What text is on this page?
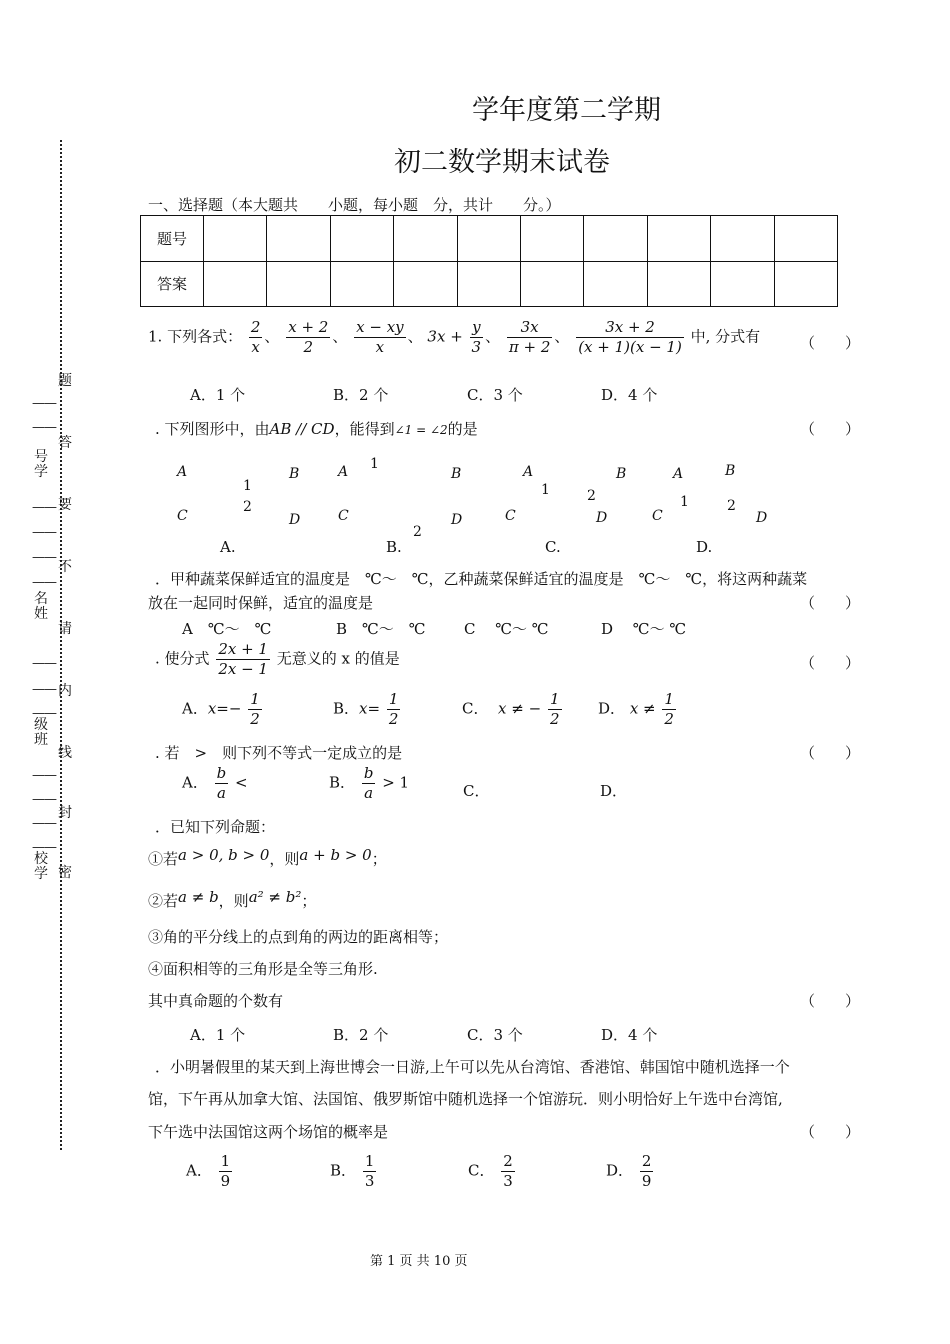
题
答
要
不
请
内
线
封
密
——
——
号学
——
——
——
——
名姓
——
——
——
级班
——
——
——
——
校学
学年度第二学期
初二数学期末试卷
一、选择题（本大题共　　小题，每小题　分，共计　　分。）
题号										
答案										
1. 下列各式： $\frac{2}{x}$ 、 $\frac{x + 2}{2}$ 、 $\frac{x - xy}{x}$ 、 $3x + \frac{y}{3}$ 、 $\frac{3x}{\pi + 2}$ 、 $\frac{3x + 2}{(x + 1)(x - 1)}$ 中, 分式有	（　　）
A．1 个	B．2 个	C．3 个	D．4 个
. 下列图形中，由AB // CD，能得到∠1 = ∠2的是	（　　）
A	B
1
2
C	D
A 1
B
C
2
D
A
1
B
2
C	D
A	B
1	2
C	D
A.	B.	C.	D.
．甲种蔬菜保鲜适宜的温度是　℃～　℃，乙种蔬菜保鲜适宜的温度是　℃～　℃，将这两种蔬菜
放在一起同时保鲜，适宜的温度是	（　　）
A　℃～　℃	B　℃～　℃	C　 ℃～ ℃	D　 ℃～ ℃
. 使分式 $\frac{2x + 1}{2x - 1}$ 无意义的 x 的值是	（　　）
A．$x=- \frac{1}{2}$	B．$x= \frac{1}{2}$	C． x ≠ − $\frac{1}{2}$ D． $x \ne \frac{1}{2}$
. 若　>　则下列不等式一定成立的是	（　　）
A． $\frac{b}{a}$ <	B． $\frac{b}{a} > 1$	C．	D．
．已知下列命题：
①若a > 0, b > 0，则a + b > 0；
②若a ≠ b，则a² ≠ b²；
③角的平分线上的点到角的两边的距离相等；
④面积相等的三角形是全等三角形.
其中真命题的个数有	（　　）
A．1 个	B．2 个	C．3 个	D．4 个
．小明暑假里的某天到上海世博会一日游,上午可以先从台湾馆、香港馆、韩国馆中随机选择一个
馆，下午再从加拿大馆、法国馆、俄罗斯馆中随机选择一个馆游玩．则小明恰好上午选中台湾馆,
下午选中法国馆这两个场馆的概率是	（　　）
A． $\frac{1}{9}$	B． $\frac{1}{3}$	C． $\frac{2}{3}$	D． $\frac{2}{9}$
第 1 页 共 10 页
